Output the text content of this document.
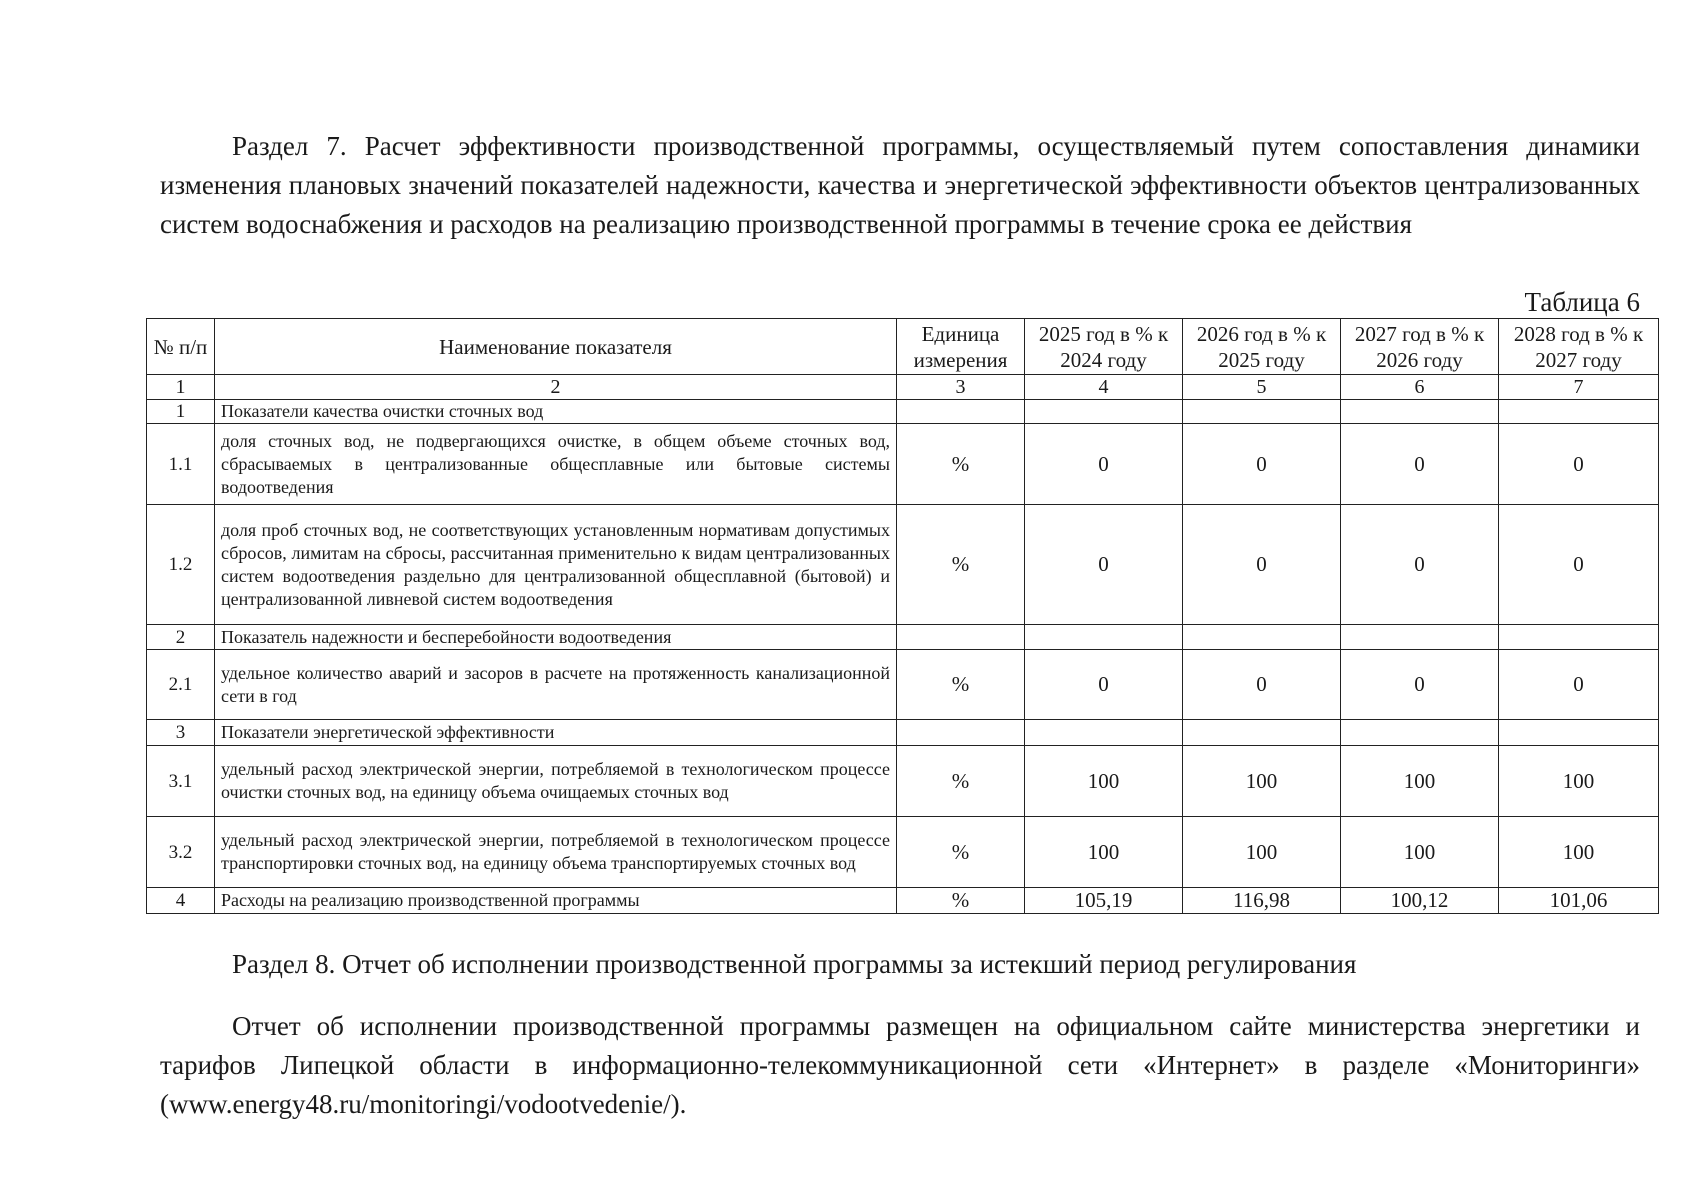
Раздел 7. Расчет эффективности производственной программы, осуществляемый путем сопоставления динамики изменения плановых значений показателей надежности, качества и энергетической эффективности объектов централизованных систем водоснабжения и расходов на реализацию производственной программы в течение срока ее действия

Таблица 6
№ п/п	Наименование показателя	Единица измерения	2025 год в % к 2024 году	2026 год в % к 2025 году	2027 год в % к 2026 году	2028 год в % к 2027 году
1	2	3	4	5	6	7
1	Показатели качества очистки сточных вод					
1.1	доля сточных вод, не подвергающихся очистке, в общем объеме сточных вод, сбрасываемых в централизованные общесплавные или бытовые системы водоотведения	%	0	0	0	0
1.2	доля проб сточных вод, не соответствующих установленным нормативам допустимых сбросов, лимитам на сбросы, рассчитанная применительно к видам централизованных систем водоотведения раздельно для централизованной общесплавной (бытовой) и централизованной ливневой систем водоотведения	%	0	0	0	0
2	Показатель надежности и бесперебойности водоотведения					
2.1	удельное количество аварий и засоров в расчете на протяженность канализационной сети в год	%	0	0	0	0
3	Показатели энергетической эффективности					
3.1	удельный расход электрической энергии, потребляемой в технологическом процессе очистки сточных вод, на единицу объема очищаемых сточных вод	%	100	100	100	100
3.2	удельный расход электрической энергии, потребляемой в технологическом процессе транспортировки сточных вод, на единицу объема транспортируемых сточных вод	%	100	100	100	100
4	Расходы на реализацию производственной программы	%	105,19	116,98	100,12	101,06

Раздел 8. Отчет об исполнении производственной программы за истекший период регулирования

Отчет об исполнении производственной программы размещен на официальном сайте министерства энергетики и тарифов Липецкой области в информационно-телекоммуникационной сети «Интернет» в разделе «Мониторинги» (www.energy48.ru/monitoringi/vodootvedenie/).
